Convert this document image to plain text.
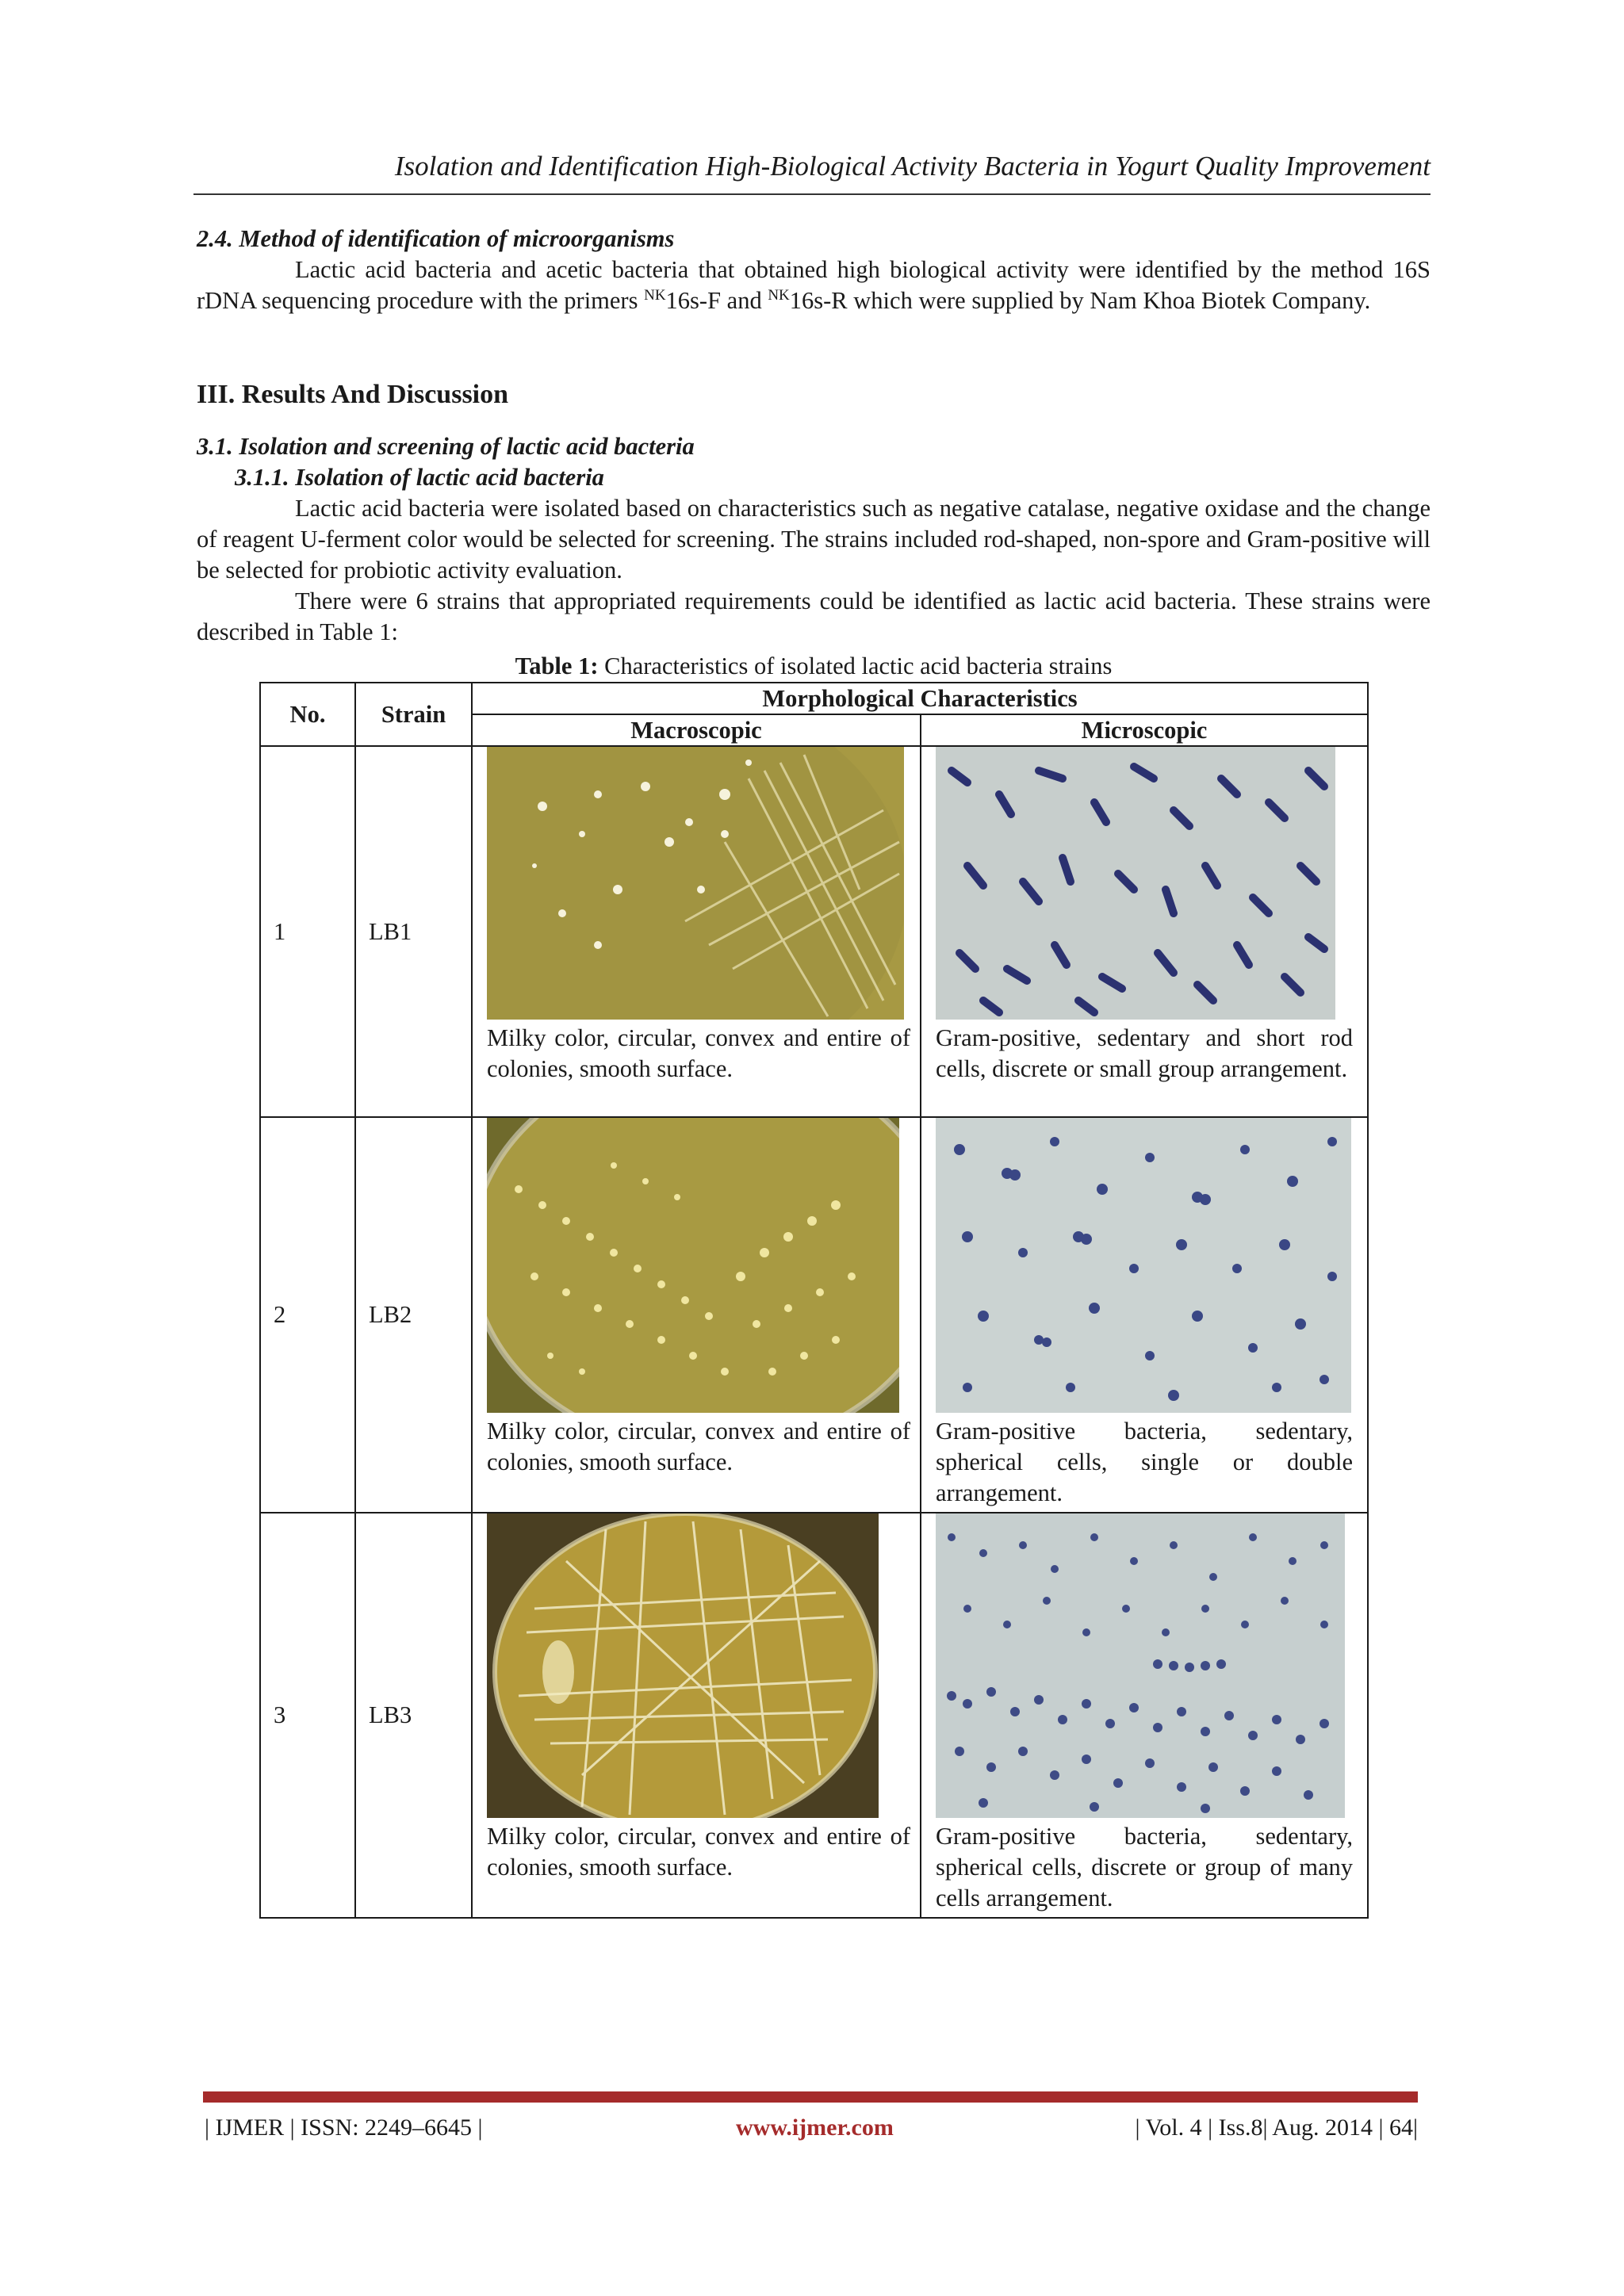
Isolation and Identification High-Biological Activity Bacteria in Yogurt Quality Improvement

2.4. Method of identification of microorganisms

Lactic acid bacteria and acetic bacteria that obtained high biological activity were identified by the method 16S rDNA sequencing procedure with the primers $^{NK}$16s-F and $^{NK}$16s-R which were supplied by Nam Khoa Biotek Company.

III. Results And Discussion

3.1. Isolation and screening of lactic acid bacteria

3.1.1. Isolation of lactic acid bacteria

Lactic acid bacteria were isolated based on characteristics such as negative catalase, negative oxidase and the change of reagent U-ferment color would be selected for screening. The strains included rod-shaped, non-spore and Gram-positive will be selected for probiotic activity evaluation.

There were 6 strains that appropriated requirements could be identified as lactic acid bacteria. These strains were described in Table 1:

Table 1: Characteristics of isolated lactic acid bacteria strains
No.	Strain	Morphological Characteristics	
		Macroscopic	Microscopic
1	LB1	Milky color, circular, convex and entire of colonies, smooth surface.	Gram-positive, sedentary and short rod cells, discrete or small group arrangement.

2	LB2	Milky color, circular, convex and entire of colonies, smooth surface.	Gram-positive bacteria, sedentary, spherical cells, single or double arrangement.

3	LB3	Milky color, circular, convex and entire of colonies, smooth surface.	Gram-positive bacteria, sedentary, spherical cells, discrete or group of many cells arrangement.
| IJMER | ISSN: 2249–6645 |	www.ijmer.com	| Vol. 4 | Iss.8| Aug. 2014 | 64|
